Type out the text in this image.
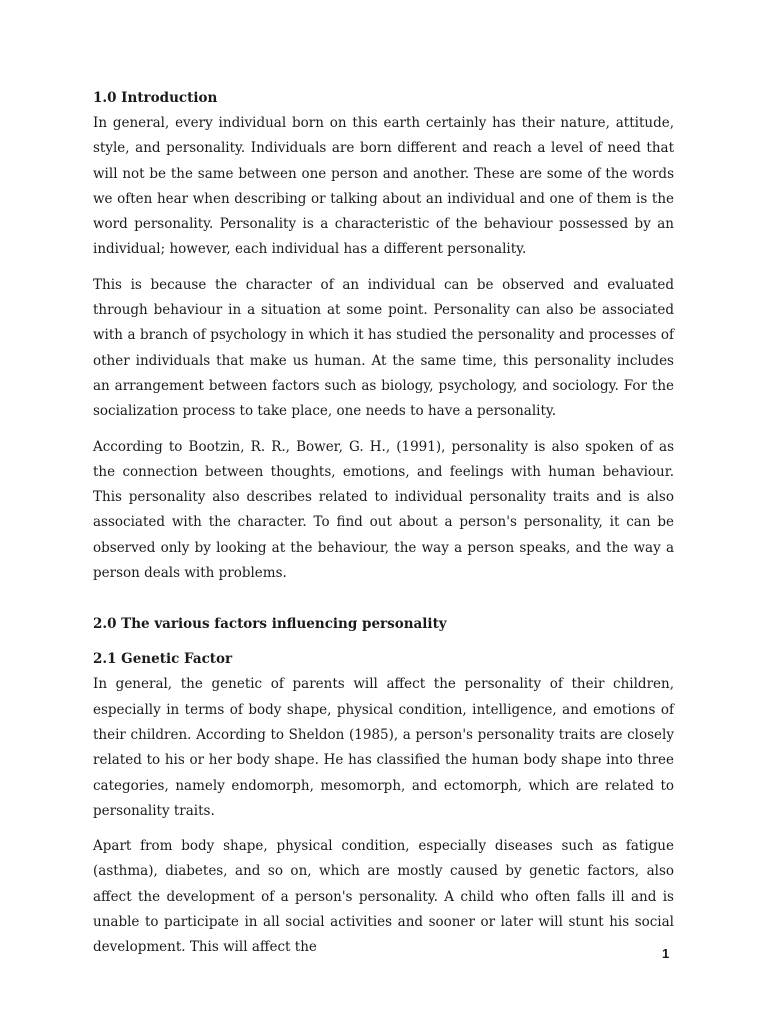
1.0 Introduction

In general, every individual born on this earth certainly has their nature, attitude, style, and personality. Individuals are born different and reach a level of need that will not be the same between one person and another. These are some of the words we often hear when describing or talking about an individual and one of them is the word personality. Personality is a characteristic of the behaviour possessed by an individual; however, each individual has a different personality.

This is because the character of an individual can be observed and evaluated through behaviour in a situation at some point. Personality can also be associated with a branch of psychology in which it has studied the personality and processes of other individuals that make us human. At the same time, this personality includes an arrangement between factors such as biology, psychology, and sociology. For the socialization process to take place, one needs to have a personality.

According to Bootzin, R. R., Bower, G. H., (1991), personality is also spoken of as the connection between thoughts, emotions, and feelings with human behaviour. This personality also describes related to individual personality traits and is also associated with the character. To find out about a person's personality, it can be observed only by looking at the behaviour, the way a person speaks, and the way a person deals with problems.

2.0 The various factors influencing personality

2.1 Genetic Factor

In general, the genetic of parents will affect the personality of their children, especially in terms of body shape, physical condition, intelligence, and emotions of their children. According to Sheldon (1985), a person's personality traits are closely related to his or her body shape. He has classified the human body shape into three categories, namely endomorph, mesomorph, and ectomorph, which are related to personality traits.

Apart from body shape, physical condition, especially diseases such as fatigue (asthma), diabetes, and so on, which are mostly caused by genetic factors, also affect the development of a person's personality. A child who often falls ill and is unable to participate in all social activities and sooner or later will stunt his social development. This will affect the	1
